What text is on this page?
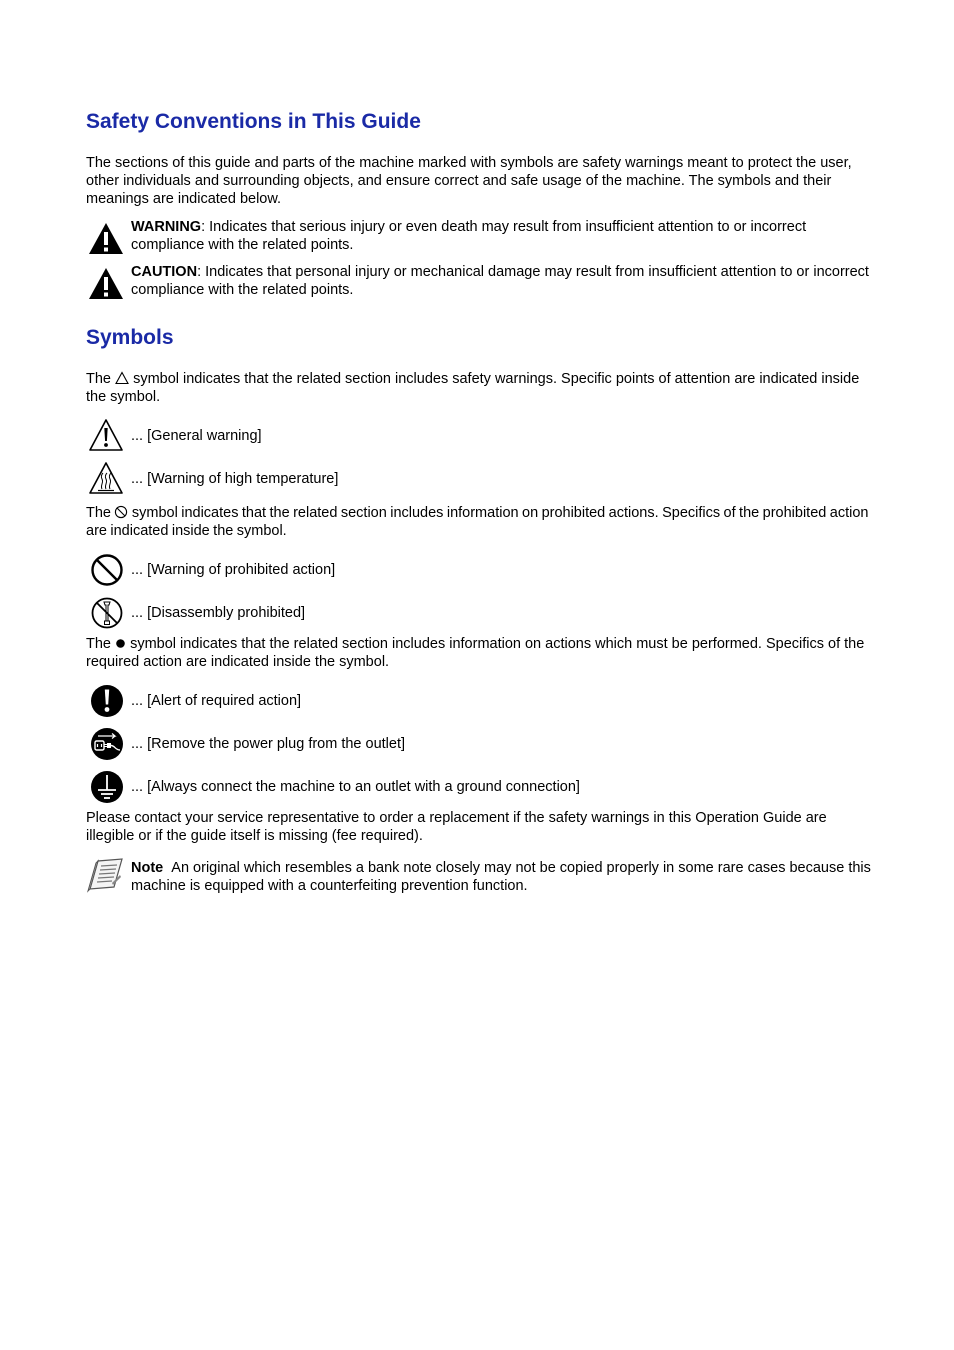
Safety Conventions in This Guide
The sections of this guide and parts of the machine marked with symbols are safety warnings meant to protect the user, other individuals and surrounding objects, and ensure correct and safe usage of the machine. The symbols and their meanings are indicated below.
WARNING: Indicates that serious injury or even death may result from insufficient attention to or incorrect compliance with the related points.
CAUTION: Indicates that personal injury or mechanical damage may result from insufficient attention to or incorrect compliance with the related points.
Symbols
The symbol indicates that the related section includes safety warnings. Specific points of attention are indicated inside the symbol.
... [General warning]
... [Warning of high temperature]
The symbol indicates that the related section includes information on prohibited actions. Specifics of the prohibited action are indicated inside the symbol.
... [Warning of prohibited action]
... [Disassembly prohibited]
The symbol indicates that the related section includes information on actions which must be performed. Specifics of the required action are indicated inside the symbol.
... [Alert of required action]
... [Remove the power plug from the outlet]
... [Always connect the machine to an outlet with a ground connection]
Please contact your service representative to order a replacement if the safety warnings in this Operation Guide are illegible or if the guide itself is missing (fee required).
Note An original which resembles a bank note closely may not be copied properly in some rare cases because this machine is equipped with a counterfeiting prevention function.
